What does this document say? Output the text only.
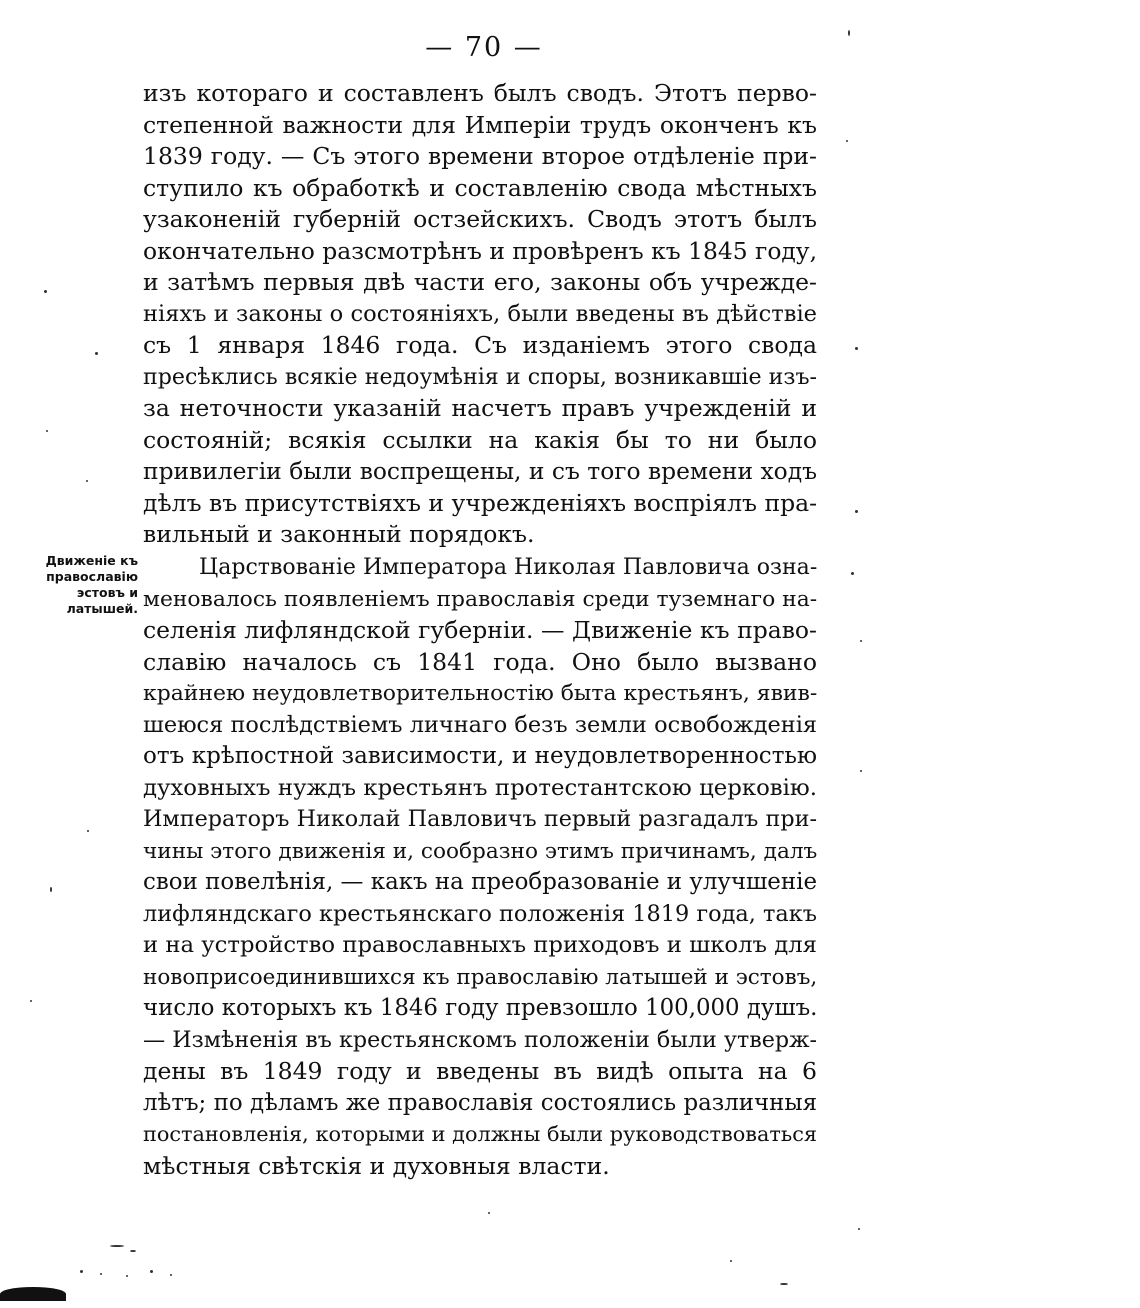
— 70 —
изъ котораго и составленъ былъ сводъ. Этотъ перво-
степенной важности для Имперіи трудъ оконченъ къ
1839 году. — Съ этого времени второе отдѣленіе при-
ступило къ обработкѣ и составленію свода мѣстныхъ
узаконеній губерній остзейскихъ. Сводъ этотъ былъ
окончательно разсмотрѣнъ и провѣренъ къ 1845 году,
и затѣмъ первыя двѣ части его, законы объ учрежде-
ніяхъ и законы о состояніяхъ, были введены въ дѣйствіе
съ 1 января 1846 года. Съ изданіемъ этого свода
пресѣклись всякіе недоумѣнія и споры, возникавшіе изъ-
за неточности указаній насчетъ правъ учрежденій и
состояній; всякія ссылки на какія бы то ни было
привилегіи были воспрещены, и съ того времени ходъ
дѣлъ въ присутствіяхъ и учрежденіяхъ воспріялъ пра-
вильный и законный порядокъ.
Движеніе къ
православію
эстовъ и
латышей.
Царствованіе Императора Николая Павловича озна-
меновалось появленіемъ православія среди туземнаго на-
селенія лифляндской губерніи. — Движеніе къ право-
славію началось съ 1841 года. Оно было вызвано
крайнею неудовлетворительностію быта крестьянъ, явив-
шеюся послѣдствіемъ личнаго безъ земли освобожденія
отъ крѣпостной зависимости, и неудовлетворенностью
духовныхъ нуждъ крестьянъ протестантскою церковію.
Императоръ Николай Павловичъ первый разгадалъ при-
чины этого движенія и, сообразно этимъ причинамъ, далъ
свои повелѣнія, — какъ на преобразованіе и улучшеніе
лифляндскаго крестьянскаго положенія 1819 года, такъ
и на устройство православныхъ приходовъ и школъ для
новоприсоединившихся къ православію латышей и эстовъ,
число которыхъ къ 1846 году превзошло 100,000 душъ.
— Измѣненія въ крестьянскомъ положеніи были утверж-
дены въ 1849 году и введены въ видѣ опыта на 6
лѣтъ; по дѣламъ же православія состоялись различныя
постановленія, которыми и должны были руководствоваться
мѣстныя свѣтскія и духовныя власти.
